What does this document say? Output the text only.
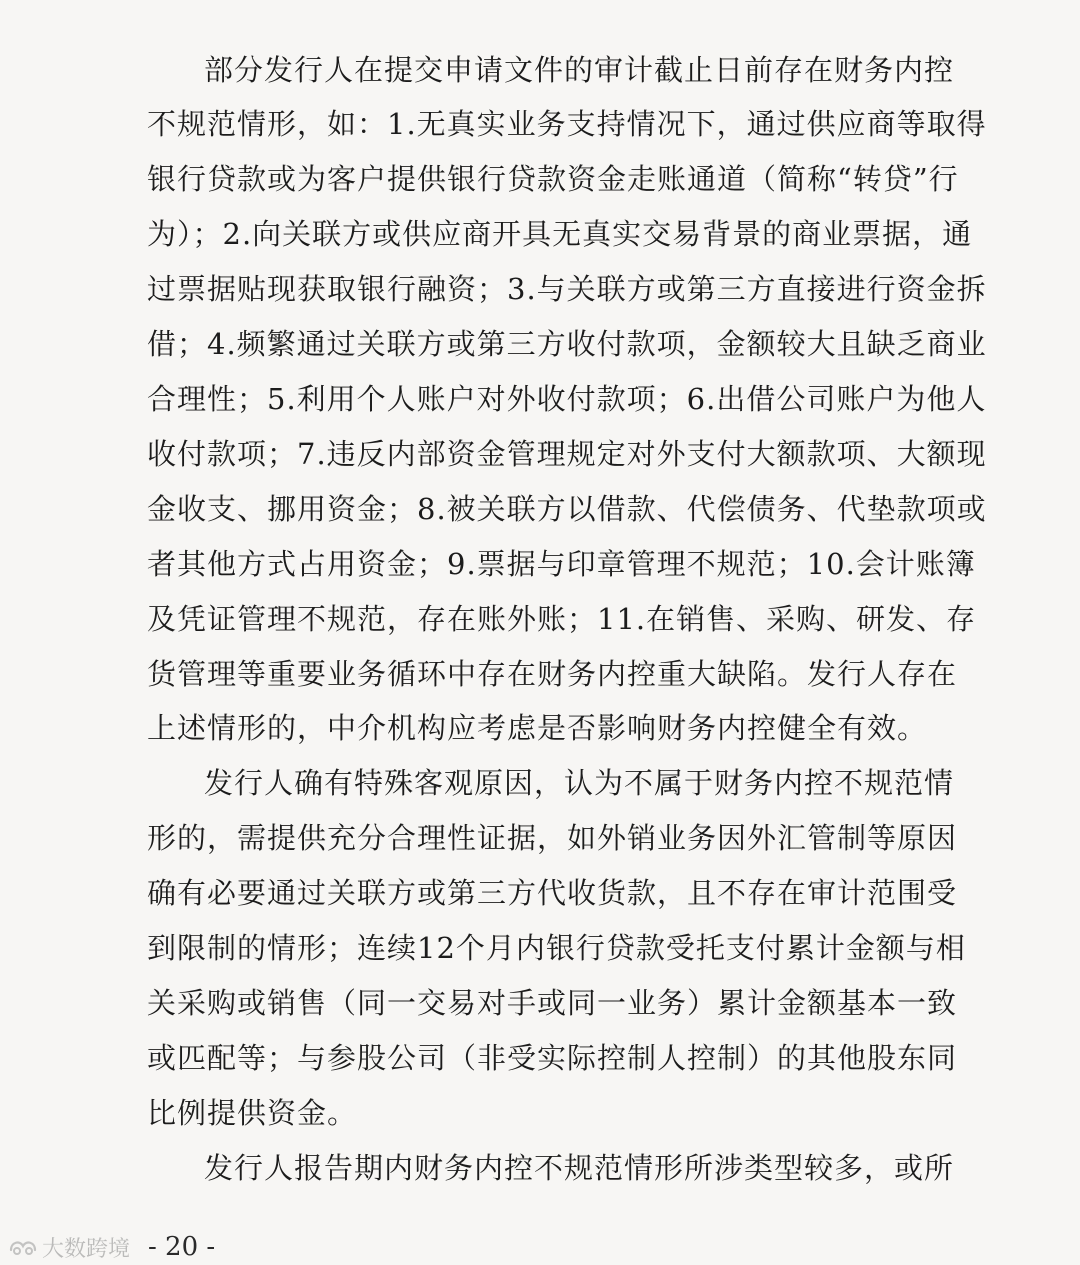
部分发行人在提交申请文件的审计截止日前存在财务内控
不规范情形，如：1.无真实业务支持情况下，通过供应商等取得
银行贷款或为客户提供银行贷款资金走账通道（简称“转贷”行
为）；2.向关联方或供应商开具无真实交易背景的商业票据，通
过票据贴现获取银行融资；3.与关联方或第三方直接进行资金拆
借；4.频繁通过关联方或第三方收付款项，金额较大且缺乏商业
合理性；5.利用个人账户对外收付款项；6.出借公司账户为他人
收付款项；7.违反内部资金管理规定对外支付大额款项、大额现
金收支、挪用资金；8.被关联方以借款、代偿债务、代垫款项或
者其他方式占用资金；9.票据与印章管理不规范；10.会计账簿
及凭证管理不规范，存在账外账；11.在销售、采购、研发、存
货管理等重要业务循环中存在财务内控重大缺陷。发行人存在
上述情形的，中介机构应考虑是否影响财务内控健全有效。
发行人确有特殊客观原因，认为不属于财务内控不规范情
形的，需提供充分合理性证据，如外销业务因外汇管制等原因
确有必要通过关联方或第三方代收货款，且不存在审计范围受
到限制的情形；连续12个月内银行贷款受托支付累计金额与相
关采购或销售（同一交易对手或同一业务）累计金额基本一致
或匹配等；与参股公司（非受实际控制人控制）的其他股东同
比例提供资金。
发行人报告期内财务内控不规范情形所涉类型较多，或所
大数跨境 - 20 -
